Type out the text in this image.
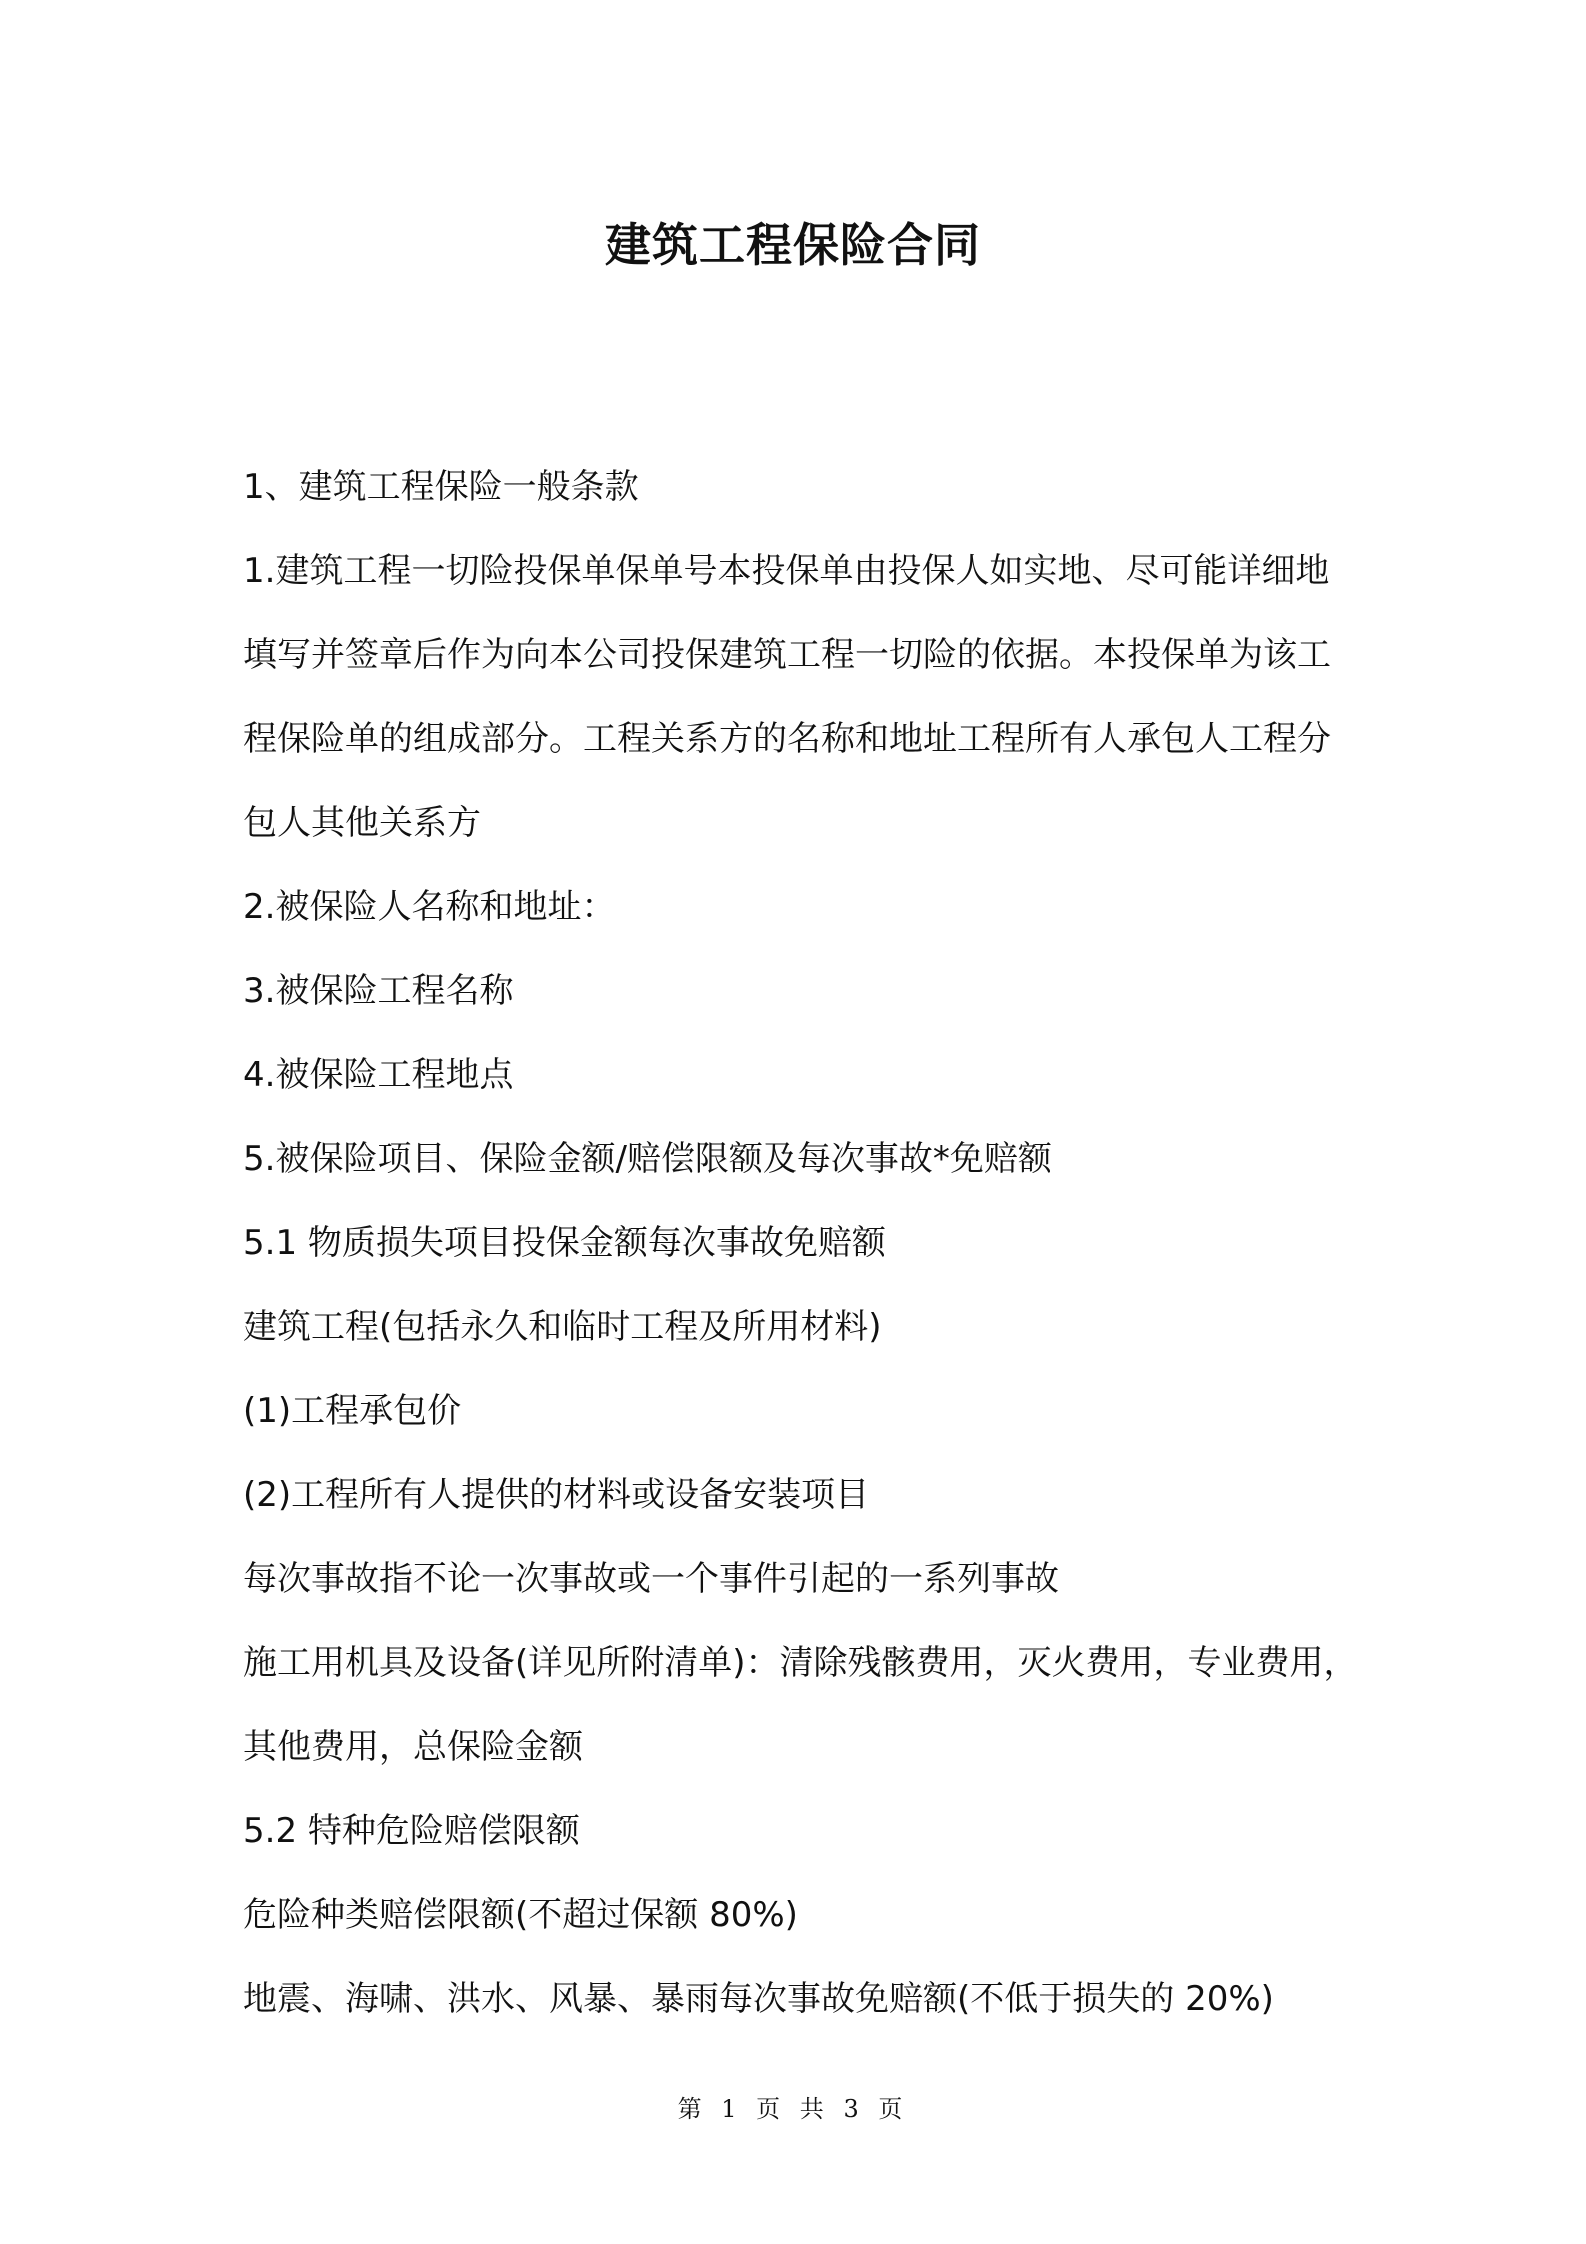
建筑工程保险合同

1、建筑工程保险一般条款

1.建筑工程一切险投保单保单号本投保单由投保人如实地、尽可能详细地填写并签章后作为向本公司投保建筑工程一切险的依据。本投保单为该工程保险单的组成部分。工程关系方的名称和地址工程所有人承包人工程分包人其他关系方

2.被保险人名称和地址：

3.被保险工程名称

4.被保险工程地点

5.被保险项目、保险金额/赔偿限额及每次事故*免赔额

5.1 物质损失项目投保金额每次事故免赔额

建筑工程(包括永久和临时工程及所用材料)

(1)工程承包价

(2)工程所有人提供的材料或设备安装项目

每次事故指不论一次事故或一个事件引起的一系列事故

施工用机具及设备(详见所附清单)：清除残骸费用，灭火费用，专业费用，其他费用，总保险金额

5.2 特种危险赔偿限额

危险种类赔偿限额(不超过保额 80%)

地震、海啸、洪水、风暴、暴雨每次事故免赔额(不低于损失的 20%)

第 1 页 共 3 页
